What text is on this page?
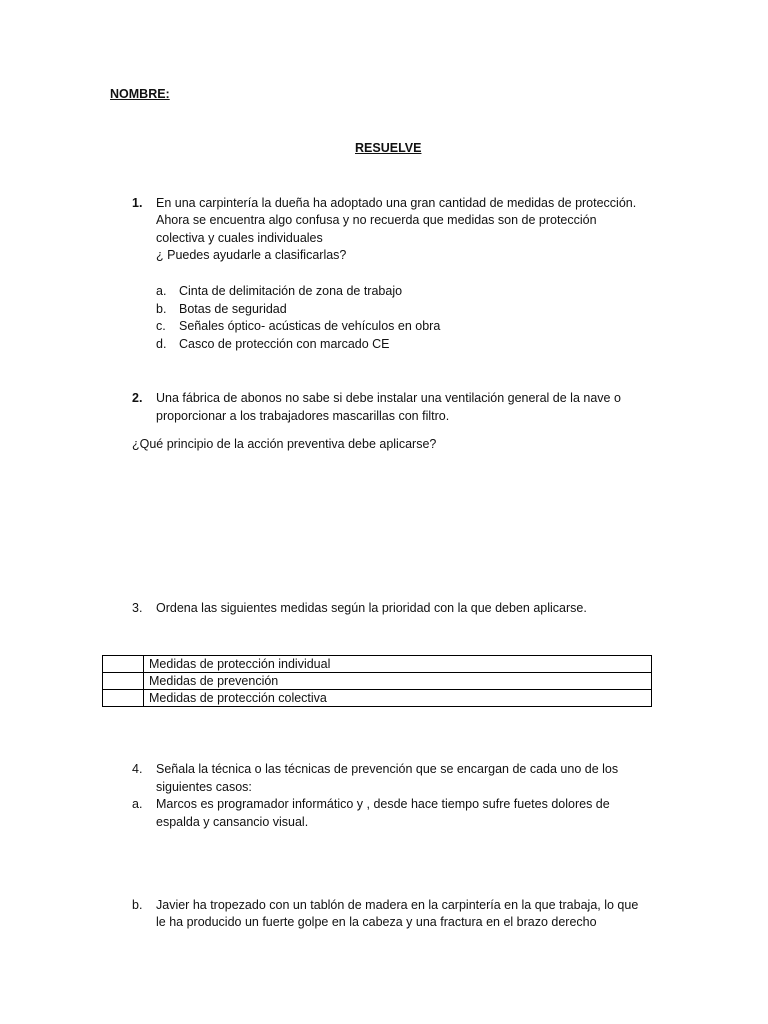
NOMBRE:
RESUELVE
1.	En una carpintería la dueña ha adoptado una gran cantidad de medidas de protección.
Ahora se encuentra algo confusa y no recuerda que medidas son de protección
colectiva y cuales individuales
¿ Puedes ayudarle a clasificarlas?
a. Cinta de delimitación de zona de trabajo
b. Botas de seguridad
c. Señales óptico- acústicas de vehículos en obra
d. Casco de protección con marcado CE
2.	Una fábrica de abonos no sabe si debe instalar una ventilación general de la nave o
proporcionar a los trabajadores mascarillas con filtro.
¿Qué principio de la acción preventiva debe aplicarse?
3.	Ordena las siguientes medidas según la prioridad con la que deben aplicarse.
	Medidas de protección individual
	Medidas de prevención
	Medidas de protección colectiva
4.	Señala la técnica o las técnicas de prevención que se encargan de cada uno de los
siguientes casos:
a.	Marcos es programador informático y , desde hace tiempo sufre fuetes dolores de
espalda y cansancio visual.
b.	Javier ha tropezado con un tablón de madera en la carpintería en la que trabaja, lo que
le ha producido un fuerte golpe en la cabeza y una fractura en el brazo derecho
